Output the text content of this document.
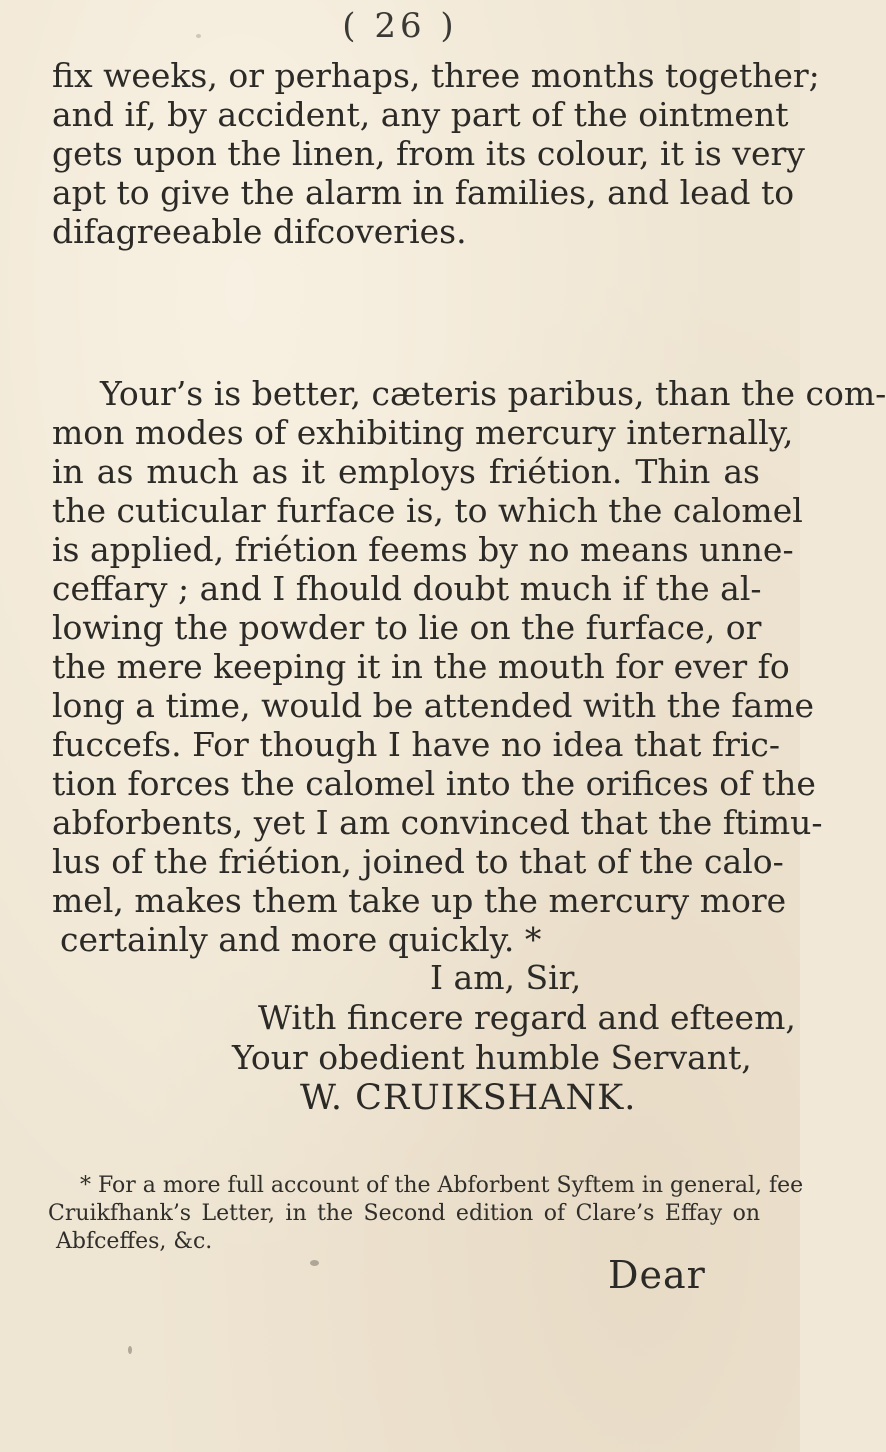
( 26 )
fix weeks, or perhaps, three months together;
and if, by accident, any part of the ointment
gets upon the linen, from its colour, it is very
apt to give the alarm in families, and lead to
difagreeable difcoveries.
Your’s is better, cæteris paribus, than the com-
mon modes of exhibiting mercury internally,
in as much as it employs friétion. Thin as
the cuticular furface is, to which the calomel
is applied, friétion feems by no means unne-
ceffary ; and I fhould doubt much if the al-
lowing the powder to lie on the furface, or
the mere keeping it in the mouth for ever fo
long a time, would be attended with the fame
fuccefs. For though I have no idea that fric-
tion forces the calomel into the orifices of the
abforbents, yet I am convinced that the ftimu-
lus of the friétion, joined to that of the calo-
mel, makes them take up the mercury more
certainly and more quickly. *
I am, Sir,
With fincere regard and efteem,
Your obedient humble Servant,
W. CRUIKSHANK.
* For a more full account of the Abforbent Syftem in general, fee
Cruikfhank’s Letter, in the Second edition of Clare’s Effay on
Abfceffes, &c.
Dear
